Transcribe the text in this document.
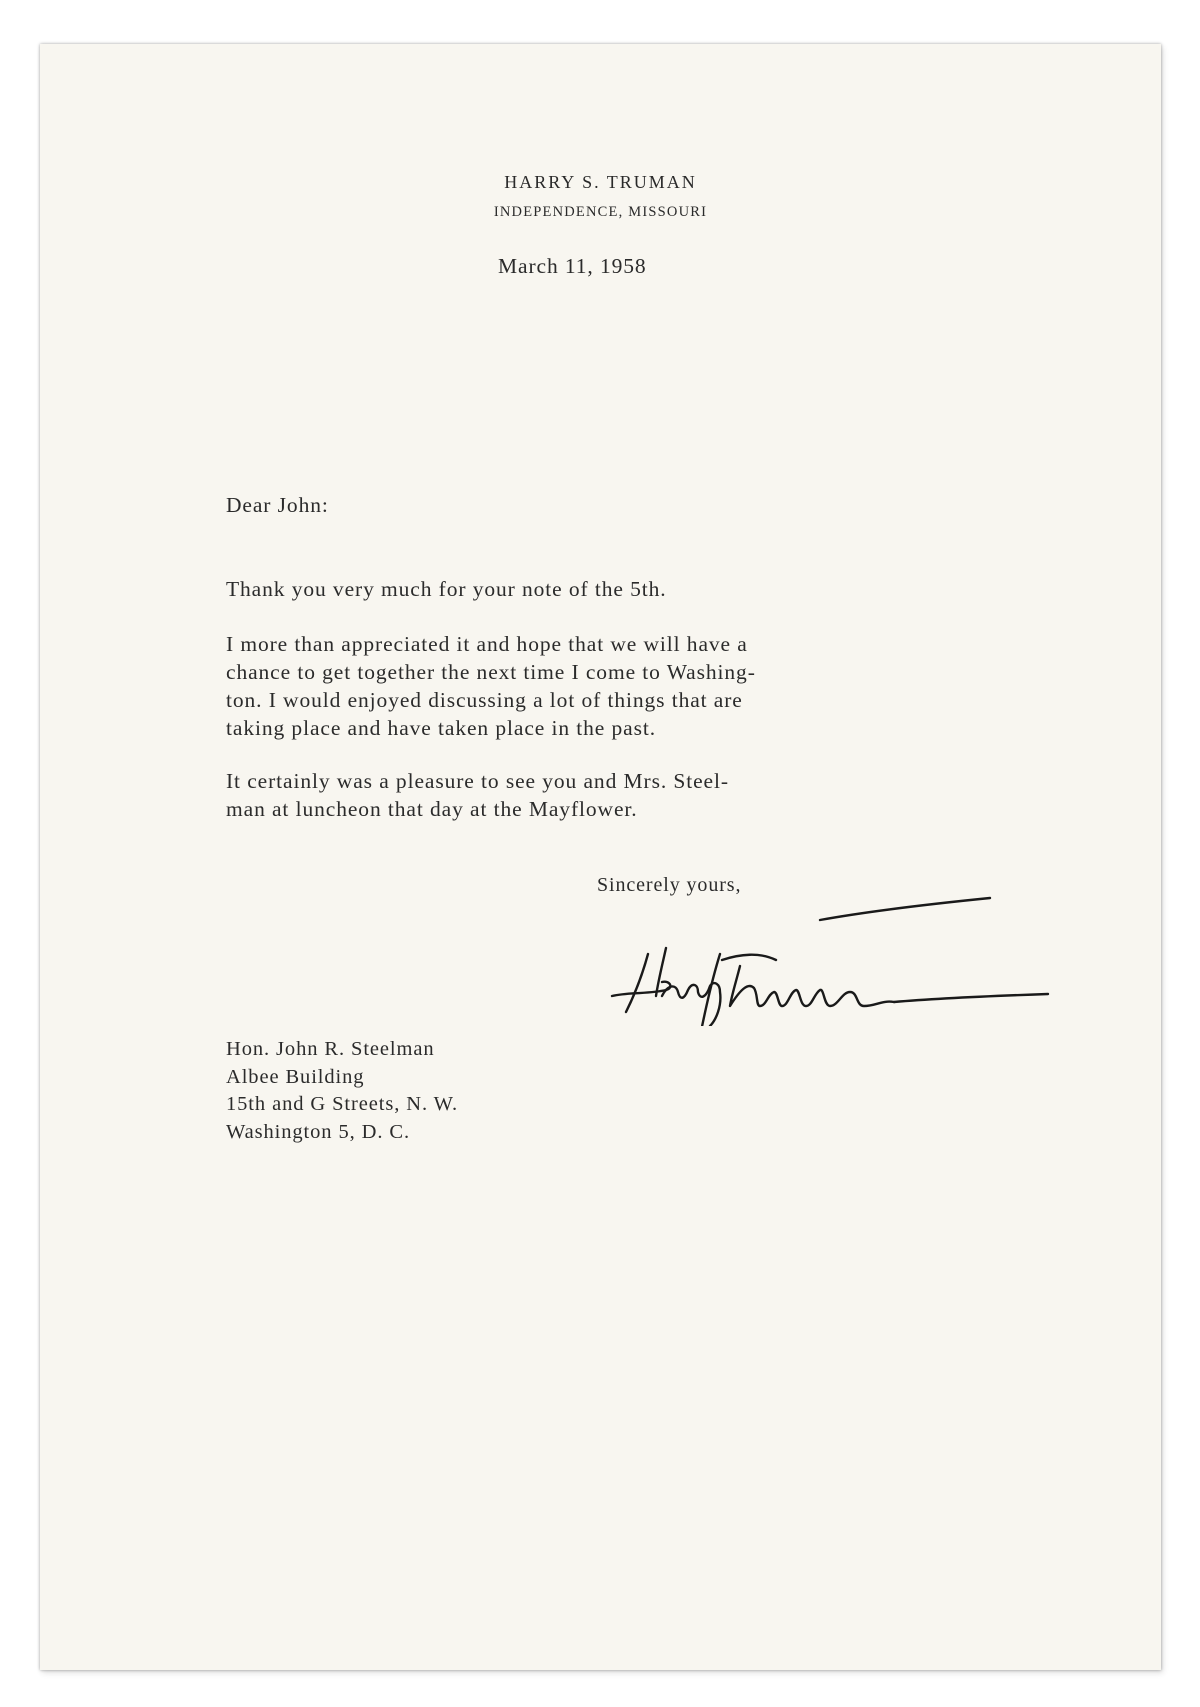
HARRY S. TRUMAN
INDEPENDENCE, MISSOURI
March 11, 1958
Dear John:
Thank you very much for your note of the 5th.
I more than appreciated it and hope that we will have a
chance to get together the next time I come to Washing-
ton. I would enjoyed discussing a lot of things that are
taking place and have taken place in the past.
It certainly was a pleasure to see you and Mrs. Steel-
man at luncheon that day at the Mayflower.
Sincerely yours,
Hon. John R. Steelman
Albee Building
15th and G Streets, N. W.
Washington 5, D. C.
